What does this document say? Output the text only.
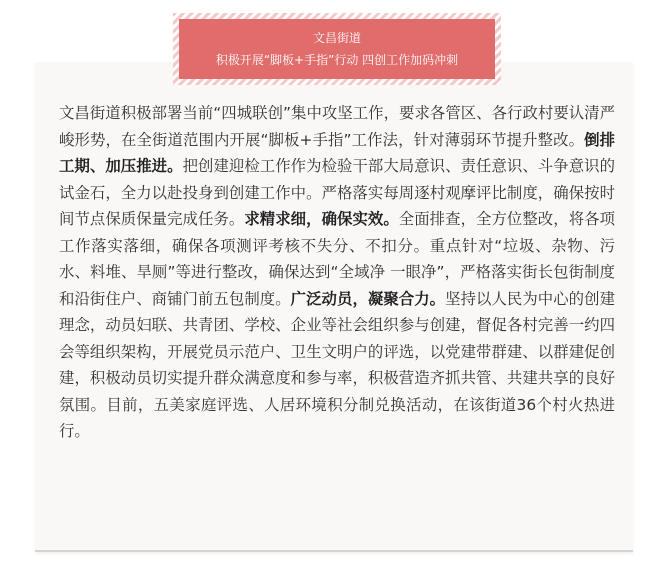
文昌街道
积极开展“脚板+手指”行动 四创工作加码冲刺

文昌街道积极部署当前“四城联创”集中攻坚工作，要求各管区、各行政村要认清严峻形势，在全街道范围内开展“脚板+手指”工作法，针对薄弱环节提升整改。倒排工期、加压推进。把创建迎检工作作为检验干部大局意识、责任意识、斗争意识的试金石，全力以赴投身到创建工作中。严格落实每周逐村观摩评比制度，确保按时间节点保质保量完成任务。求精求细，确保实效。全面排查，全方位整改，将各项工作落实落细，确保各项测评考核不失分、不扣分。重点针对“垃圾、杂物、污水、料堆、旱厕”等进行整改，确保达到“全域净 一眼净”，严格落实街长包街制度和沿街住户、商铺门前五包制度。广泛动员，凝聚合力。坚持以人民为中心的创建理念，动员妇联、共青团、学校、企业等社会组织参与创建，督促各村完善一约四会等组织架构，开展党员示范户、卫生文明户的评选，以党建带群建、以群建促创建，积极动员切实提升群众满意度和参与率，积极营造齐抓共管、共建共享的良好氛围。目前，五美家庭评选、人居环境积分制兑换活动，在该街道36个村火热进行。
